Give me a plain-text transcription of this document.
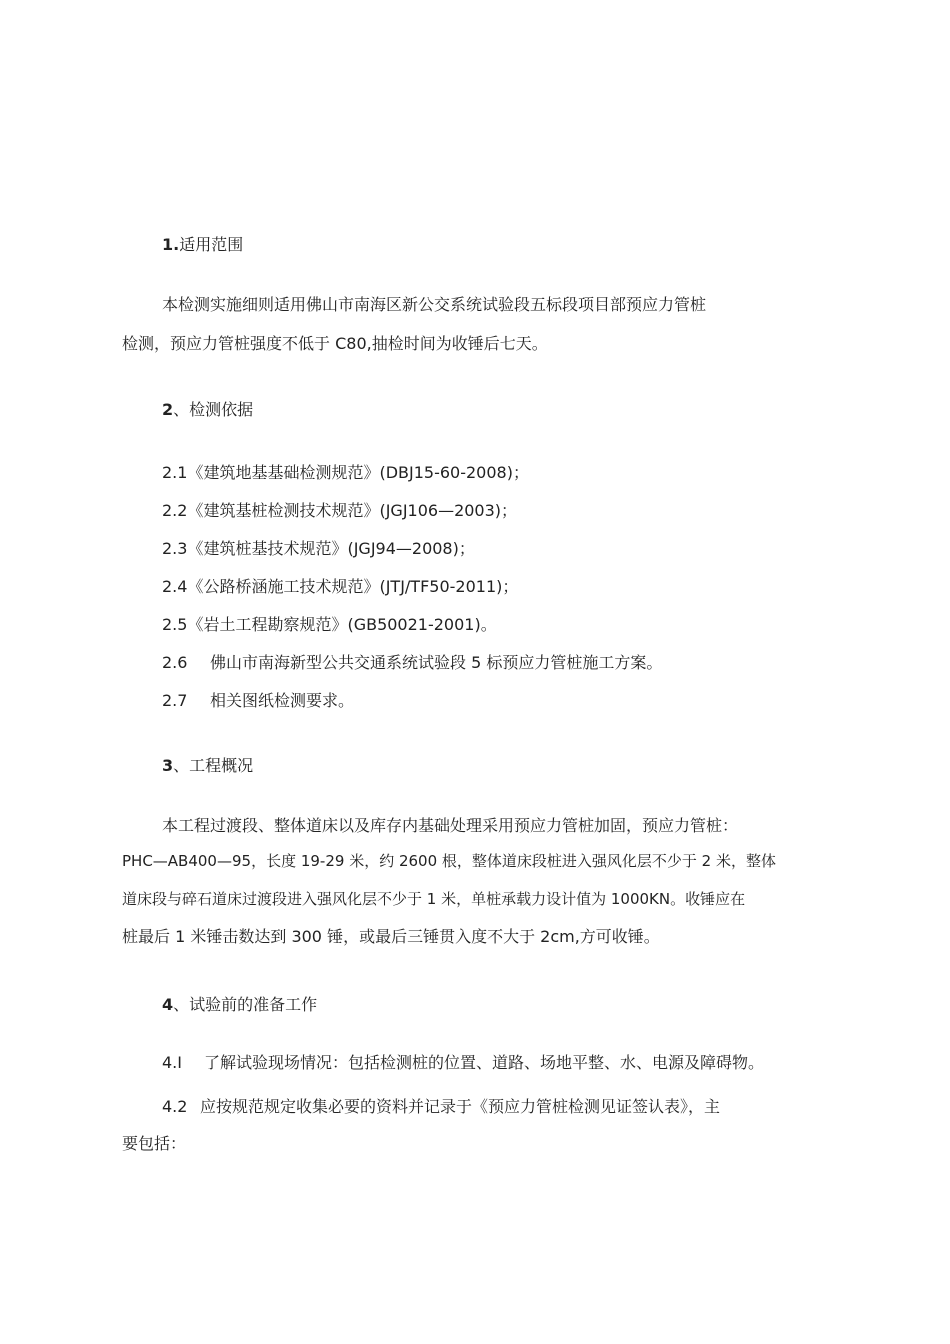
1.适用范围
本检测实施细则适用佛山市南海区新公交系统试验段五标段项目部预应力管桩
检测，预应力管桩强度不低于 C80,抽检时间为收锤后七天。
2、检测依据
2.1《建筑地基基础检测规范》(DBJ15-60-2008)；
2.2《建筑基桩检测技术规范》(JGJ106—2003)；
2.3《建筑桩基技术规范》(JGJ94—2008)；
2.4《公路桥涵施工技术规范》(JTJ/TF50-2011)；
2.5《岩土工程勘察规范》(GB50021-2001)。
2.6 佛山市南海新型公共交通系统试验段 5 标预应力管桩施工方案。
2.7 相关图纸检测要求。
3、工程概况
本工程过渡段、整体道床以及库存内基础处理采用预应力管桩加固，预应力管桩：
PHC—AB400—95，长度 19-29 米，约 2600 根，整体道床段桩进入强风化层不少于 2 米，整体
道床段与碎石道床过渡段进入强风化层不少于 1 米，单桩承载力设计值为 1000KN。收锤应在
桩最后 1 米锤击数达到 300 锤，或最后三锤贯入度不大于 2cm,方可收锤。
4、试验前的准备工作
4.I 了解试验现场情况：包括检测桩的位置、道路、场地平整、水、电源及障碍物。
4.2 应按规范规定收集必要的资料并记录于《预应力管桩检测见证签认表》，主
要包括：
